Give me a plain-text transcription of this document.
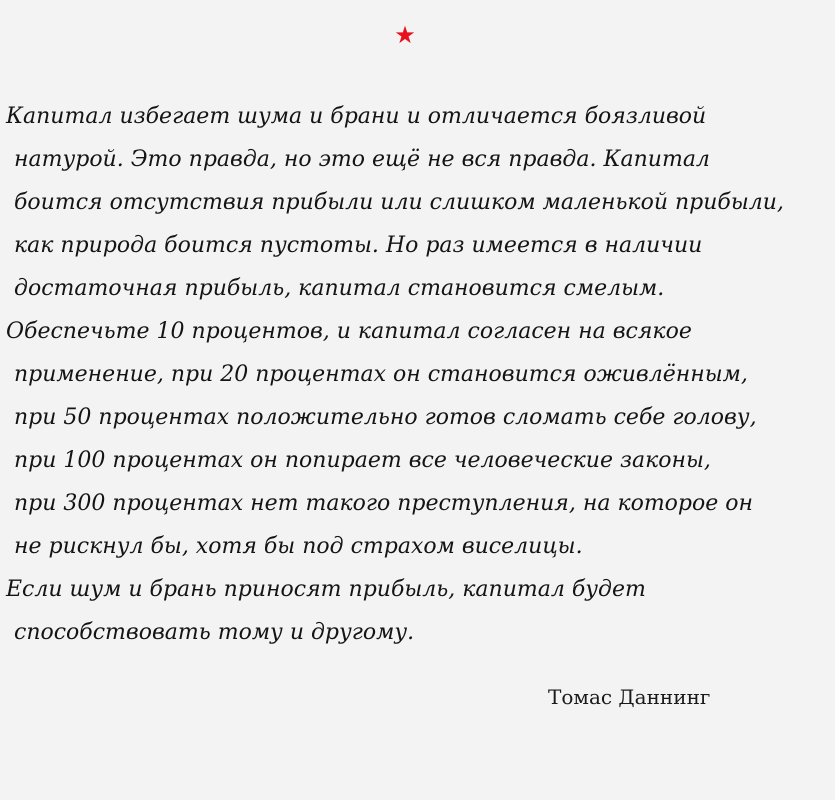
★
Капитал избегает шума и брани и отличается боязливой
натурой. Это правда, но это ещё не вся правда. Капитал
боится отсутствия прибыли или слишком маленькой прибыли,
как природа боится пустоты. Но раз имеется в наличии
достаточная прибыль, капитал становится смелым.
Обеспечьте 10 процентов, и капитал согласен на всякое
применение, при 20 процентах он становится оживлённым,
при 50 процентах положительно готов сломать себе голову,
при 100 процентах он попирает все человеческие законы,
при 300 процентах нет такого преступления, на которое он
не рискнул бы, хотя бы под страхом виселицы.
Если шум и брань приносят прибыль, капитал будет
способствовать тому и другому.
Томас Даннинг
